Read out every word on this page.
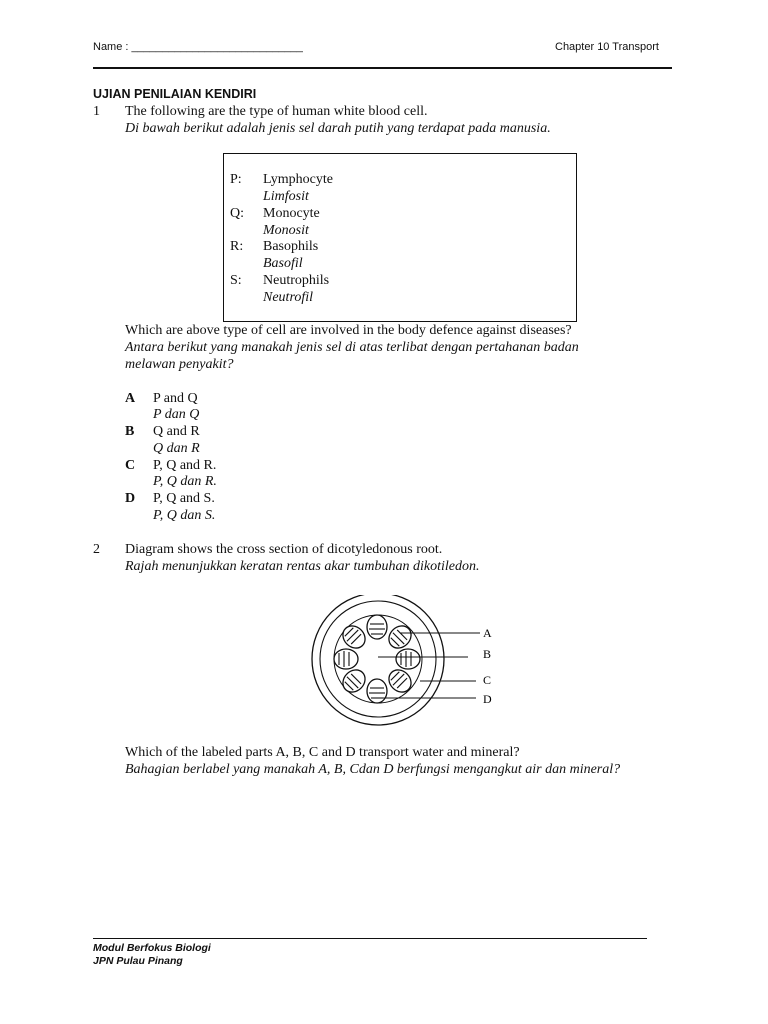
Name : ____________________________	Chapter 10 Transport
UJIAN PENILAIAN KENDIRI
1 The following are the type of human white blood cell.
Di bawah berikut adalah jenis sel darah putih yang terdapat pada manusia.
P: Lymphocyte
Limfosit
Q: Monocyte
Monosit
R: Basophils
Basofil
S: Neutrophils
Neutrofil
Which are above type of cell are involved in the body defence against diseases?
Antara berikut yang manakah jenis sel di atas terlibat dengan pertahanan badan
melawan penyakit?
A P and Q
P dan Q
B Q and R
Q dan R
C P, Q and R.
P, Q dan R.
D P, Q and S.
P, Q dan S.
2 Diagram shows the cross section of dicotyledonous root.
Rajah menunjukkan keratan rentas akar tumbuhan dikotiledon.
A
B
C
D
Which of the labeled parts A, B, C and D transport water and mineral?
Bahagian berlabel yang manakah A, B, Cdan D berfungsi mengangkut air dan mineral?
Modul Berfokus Biologi
JPN Pulau Pinang
